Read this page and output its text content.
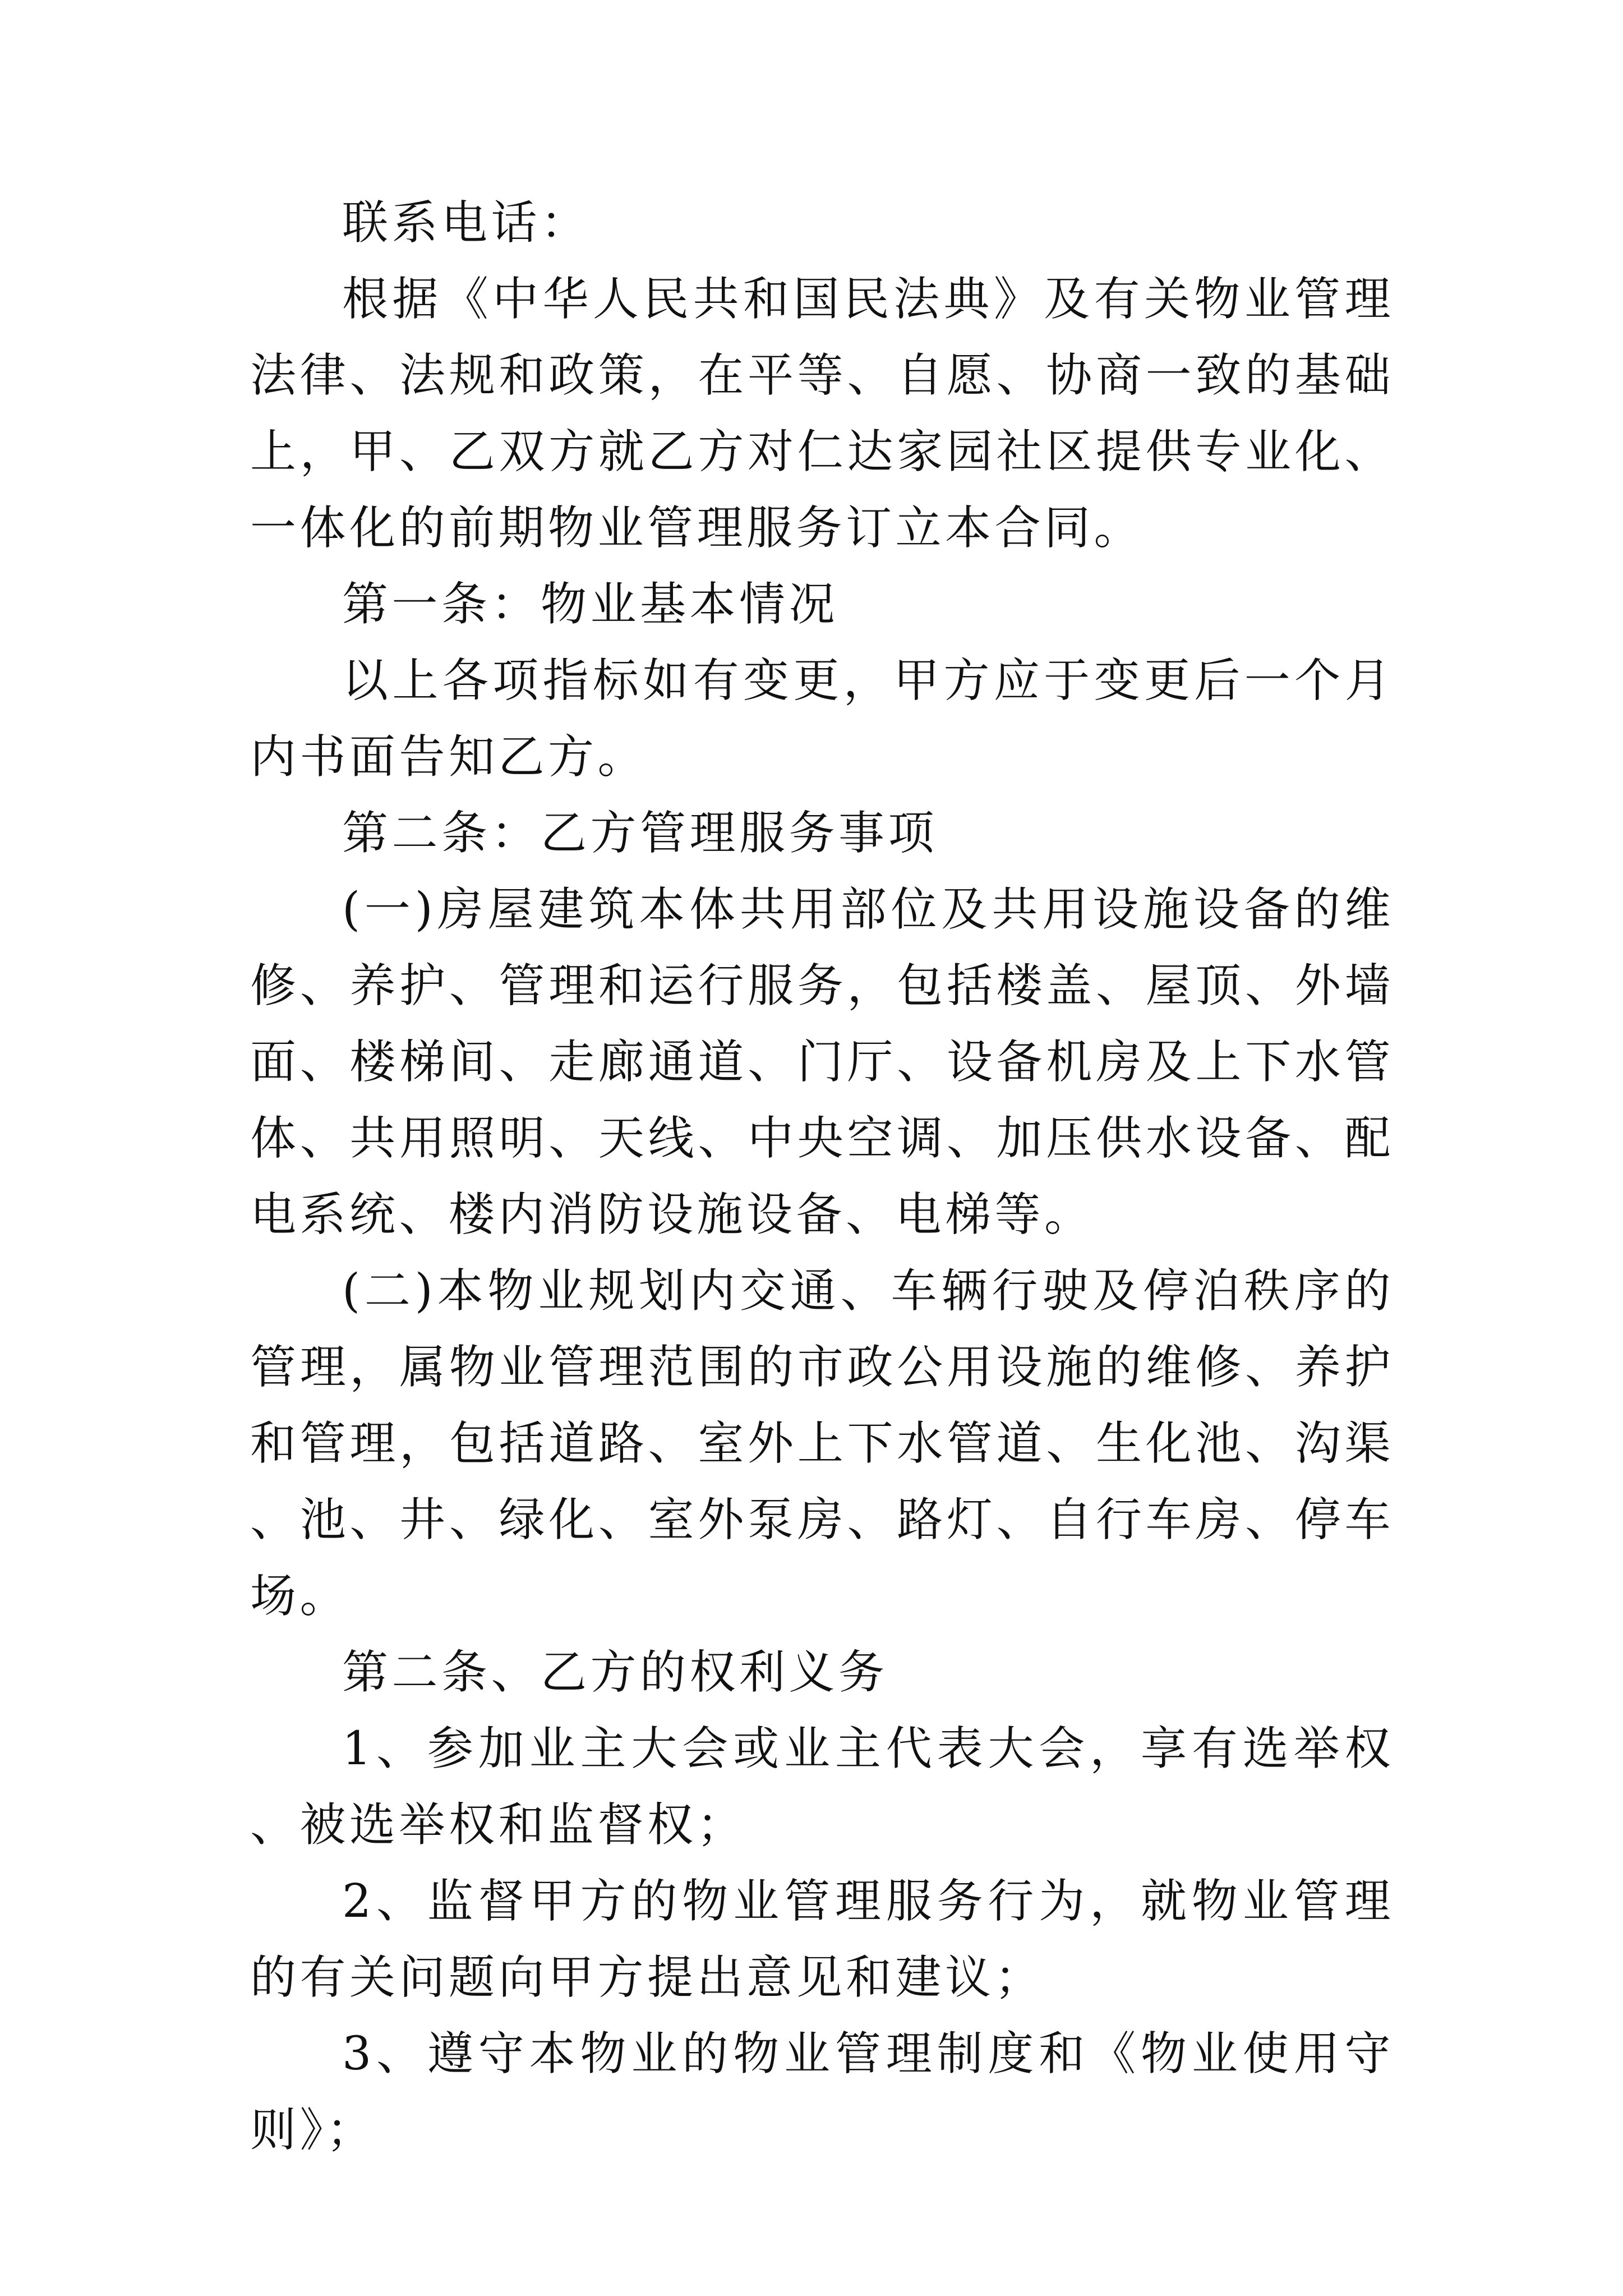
联系电话：

根据《中华人民共和国民法典》及有关物业管理法律、法规和政策，在平等、自愿、协商一致的基础上，甲、乙双方就乙方对仁达家园社区提供专业化、一体化的前期物业管理服务订立本合同。

第一条：物业基本情况

以上各项指标如有变更，甲方应于变更后一个月内书面告知乙方。

第二条：乙方管理服务事项

(一)房屋建筑本体共用部位及共用设施设备的维修、养护、管理和运行服务，包括楼盖、屋顶、外墙面、楼梯间、走廊通道、门厅、设备机房及上下水管体、共用照明、天线、中央空调、加压供水设备、配电系统、楼内消防设施设备、电梯等。

(二)本物业规划内交通、车辆行驶及停泊秩序的管理，属物业管理范围的市政公用设施的维修、养护和管理，包括道路、室外上下水管道、生化池、沟渠、池、井、绿化、室外泵房、路灯、自行车房、停车场。

第二条、乙方的权利义务

1、参加业主大会或业主代表大会，享有选举权、被选举权和监督权；

2、监督甲方的物业管理服务行为，就物业管理的有关问题向甲方提出意见和建议；

3、遵守本物业的物业管理制度和《物业使用守则》；
